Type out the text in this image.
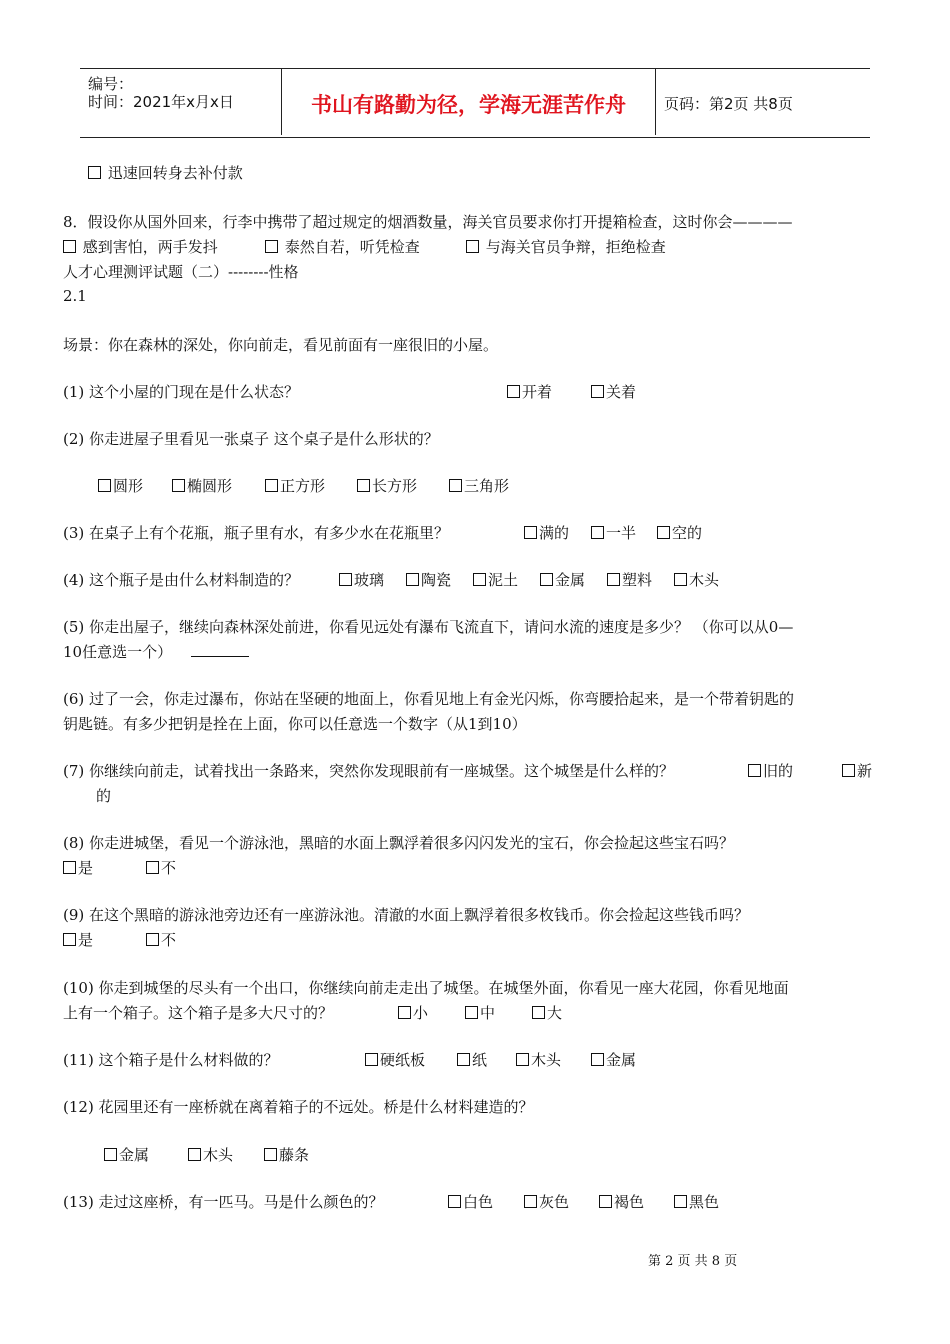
编号：
时间：2021年x月x日	书山有路勤为径，学海无涯苦作舟	页码：第2页 共8页
迅速回转身去补付款
8．假设你从国外回来，行李中携带了超过规定的烟酒数量，海关官员要求你打开提箱检查，这时你会————
感到害怕，两手发抖	泰然自若，听凭检查	与海关官员争辩，拒绝检查
人才心理测评试题（二）--------性格
2.1
场景：你在森林的深处，你向前走，看见前面有一座很旧的小屋。
(1) 这个小屋的门现在是什么状态？	开着	关着
(2) 你走进屋子里看见一张桌子 这个桌子是什么形状的？
圆形	椭圆形	正方形	长方形	三角形
(3) 在桌子上有个花瓶，瓶子里有水，有多少水在花瓶里？	满的	一半	空的
(4) 这个瓶子是由什么材料制造的？	玻璃	陶瓷	泥土	金属	塑料	木头
(5) 你走出屋子，继续向森林深处前进，你看见远处有瀑布飞流直下，请问水流的速度是多少？ （你可以从0—
10任意选一个）
(6) 过了一会，你走过瀑布，你站在坚硬的地面上，你看见地上有金光闪烁，你弯腰拾起来，是一个带着钥匙的
钥匙链。有多少把钥是拴在上面，你可以任意选一个数字（从1到10）
(7) 你继续向前走，试着找出一条路来，突然你发现眼前有一座城堡。这个城堡是什么样的？	旧的	新
的
(8) 你走进城堡，看见一个游泳池，黑暗的水面上飘浮着很多闪闪发光的宝石，你会捡起这些宝石吗？
是	不
(9) 在这个黑暗的游泳池旁边还有一座游泳池。清澈的水面上飘浮着很多枚钱币。你会捡起这些钱币吗？
是	不
(10) 你走到城堡的尽头有一个出口，你继续向前走走出了城堡。在城堡外面，你看见一座大花园，你看见地面
上有一个箱子。这个箱子是多大尺寸的？	小	中	大
(11) 这个箱子是什么材料做的？	硬纸板	纸	木头	金属
(12) 花园里还有一座桥就在离着箱子的不远处。桥是什么材料建造的？
金属	木头	藤条
(13) 走过这座桥，有一匹马。马是什么颜色的？	白色	灰色	褐色	黑色
第 2 页 共 8 页
